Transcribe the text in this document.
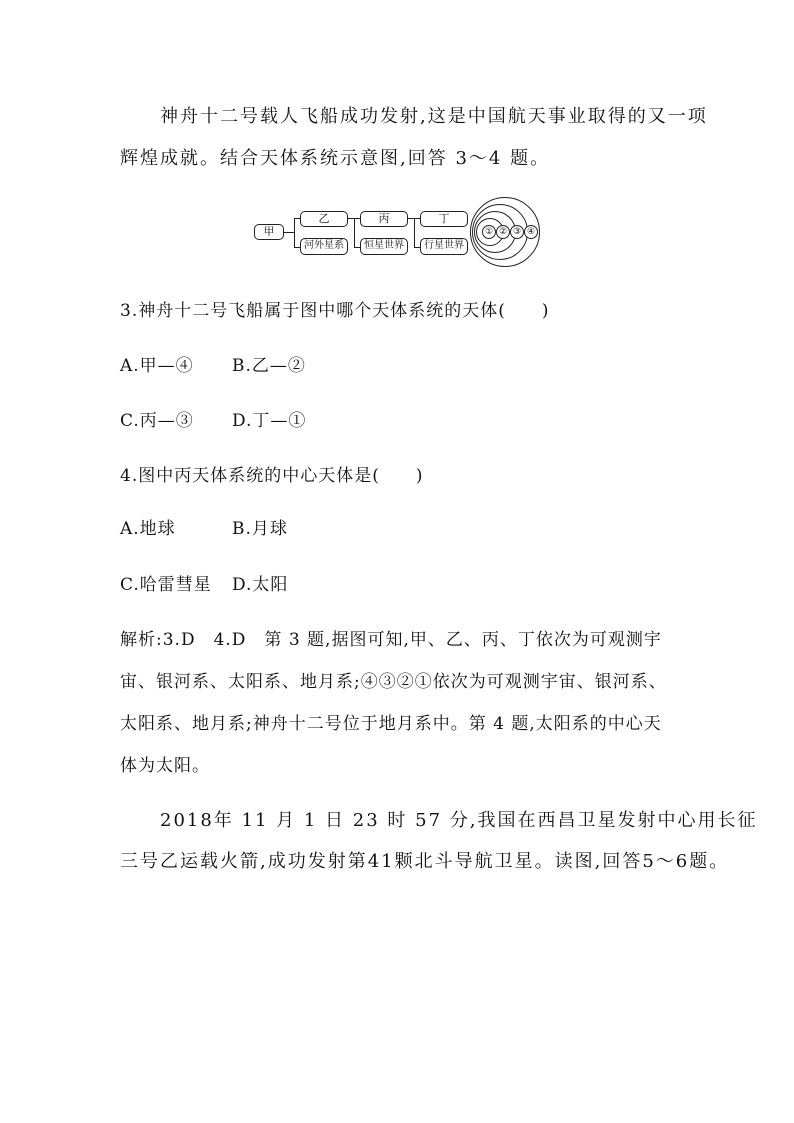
神舟十二号载人飞船成功发射,这是中国航天事业取得的又一项
辉煌成就。结合天体系统示意图,回答 3～4 题。
甲
乙
河外星系
丙
恒星世界
丁
行星世界
① ② ③ ④
3.神舟十二号飞船属于图中哪个天体系统的天体(　　)
A.甲—④ B.乙—②
C.丙—③ D.丁—①
4.图中丙天体系统的中心天体是(　　)
A.地球	B.月球
C.哈雷彗星 D.太阳
解析:3.D　4.D　第 3 题,据图可知,甲、乙、丙、丁依次为可观测宇
宙、银河系、太阳系、地月系;④③②①依次为可观测宇宙、银河系、
太阳系、地月系;神舟十二号位于地月系中。第 4 题,太阳系的中心天
体为太阳。
2018年 11 月 1 日 23 时 57 分,我国在西昌卫星发射中心用长征
三号乙运载火箭,成功发射第41颗北斗导航卫星。读图,回答5～6题。
